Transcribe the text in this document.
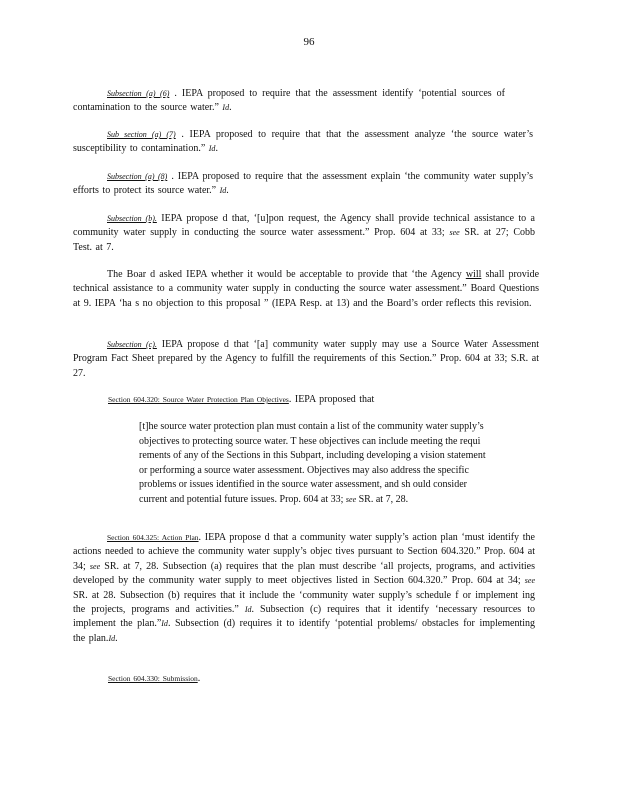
96
Subsection (a) (6) . IEPA proposed to require that the assessment identify ‘potential sources of contamination to the source water.” Id.
Sub section (a) (7) . IEPA proposed to require that that the assessment analyze ‘the source water’s susceptibility to contamination.” Id.
Subsection (a) (8) . IEPA proposed to require that the assessment explain ‘the community water supply’s efforts to protect its source water.” Id.
Subsection (b). IEPA propose d that, ‘[u]pon request, the Agency shall provide technical assistance to a community water supply in conducting the source water assessment.” Prop. 604 at 33; see SR. at 27; Cobb Test. at 7.
The Boar d asked IEPA whether it would be acceptable to provide that ‘the Agency will shall provide technical assistance to a community water supply in conducting the source water assessment.” Board Questions at 9. IEPA ‘ha s no objection to this proposal ” (IEPA Resp. at 13) and the Board’s order reflects this revision.
Subsection (c). IEPA propose d that ‘[a] community water supply may use a Source Water Assessment Program Fact Sheet prepared by the Agency to fulfill the requirements of this Section.” Prop. 604 at 33; S.R. at 27.
Section 604.320: Source Water Protection Plan Objectives. IEPA proposed that
[t]he source water protection plan must contain a list of the community water supply’s objectives to protecting source water. T hese objectives can include meeting the requi rements of any of the Sections in this Subpart, including developing a vision statement or performing a source water assessment. Objectives may also address the specific problems or issues identified in the source water assessment, and sh ould consider current and potential future issues. Prop. 604 at 33; see SR. at 7, 28.
Section 604.325: Action Plan. IEPA propose d that a community water supply’s action plan ‘must identify the actions needed to achieve the community water supply’s objec tives pursuant to Section 604.320.” Prop. 604 at 34; see SR. at 7, 28. Subsection (a) requires that the plan must describe ‘all projects, programs, and activities developed by the community water supply to meet objectives listed in Section 604.320.” Prop. 604 at 34; see SR. at 28. Subsection (b) requires that it include the ‘community water supply’s schedule f or implement ing the projects, programs and activities.” Id. Subsection (c) requires that it identify ‘necessary resources to implement the plan.”Id. Subsection (d) requires it to identify ‘potential problems/ obstacles for implementing the plan.Id.
Section 604.330: Submission.
